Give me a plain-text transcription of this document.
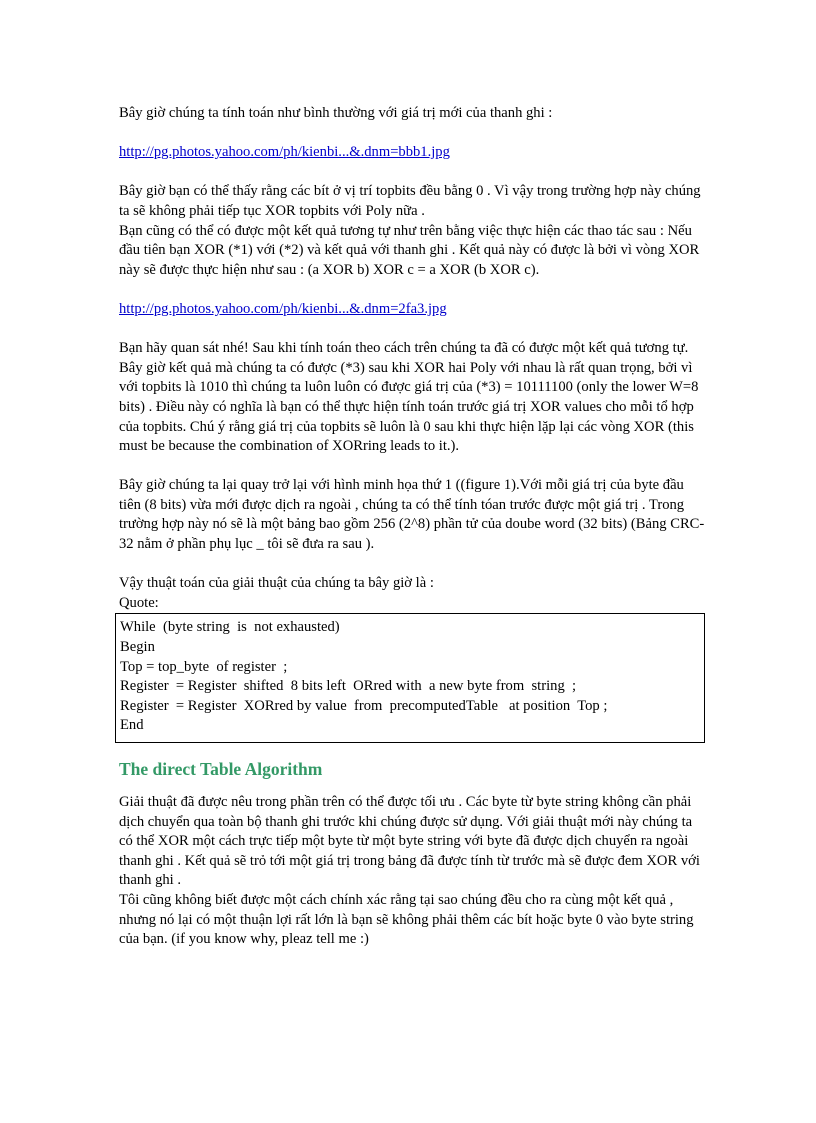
Bây giờ chúng ta tính toán như bình thường với giá trị mới của thanh ghi :

http://pg.photos.yahoo.com/ph/kienbi...&.dnm=bbb1.jpg

Bây giờ bạn có thể thấy rằng các bít ở vị trí topbits đều bằng 0 . Vì vậy trong trường hợp này chúng ta sẽ không phải tiếp tục XOR topbits với Poly nữa .

Bạn cũng có thể có được một kết quả tương tự như trên bằng việc thực hiện các thao tác sau : Nếu đầu tiên bạn XOR (*1) với (*2) và kết quả với thanh ghi . Kết quả này có được là bởi vì vòng XOR này sẽ được thực hiện như sau : (a XOR b) XOR c = a XOR (b XOR c).

http://pg.photos.yahoo.com/ph/kienbi...&.dnm=2fa3.jpg

Bạn hãy quan sát nhé! Sau khi tính toán theo cách trên chúng ta đã có được một kết quả tương tự. Bây giờ kết quả mà chúng ta có được (*3) sau khi XOR hai Poly với nhau là rất quan trọng, bởi vì với topbits là 1010 thì chúng ta luôn luôn có được giá trị của (*3) = 10111100 (only the lower W=8 bits) . Điều này có nghĩa là bạn có thể thực hiện tính toán trước giá trị XOR values cho mỗi tổ hợp của topbits. Chú ý rằng giá trị của topbits sẽ luôn là 0 sau khi thực hiện lặp lại các vòng XOR (this must be because the combination of XORring leads to it.).

Bây giờ chúng ta lại quay trở lại với hình minh họa thứ 1 ((figure 1).Với mỗi giá trị của byte đầu tiên (8 bits) vừa mới được dịch ra ngoài , chúng ta có thể tính tóan trước được một giá trị . Trong trường hợp này nó sẽ là một bảng bao gồm 256 (2^8) phần tử của doube word (32 bits) (Bảng CRC-32 nằm ở phần phụ lục _ tôi sẽ đưa ra sau ).

Vậy thuật toán của giải thuật của chúng ta bây giờ là :

Quote:

While  (byte string  is  not exhausted)

Begin

Top = top_byte  of register  ;

Register  = Register  shifted  8 bits left  ORred with  a new byte from  string  ;

Register  = Register  XORred by value  from  precomputedTable   at position  Top ;

End

The direct Table Algorithm

Giải thuật đã được nêu trong phần trên có thể được tối ưu . Các byte từ byte string không cần phải dịch chuyển qua toàn bộ thanh ghi trước khi chúng được sử dụng. Với giải thuật mới này chúng ta có thể XOR một cách trực tiếp một byte từ một byte string với byte đã được dịch chuyển ra ngoài thanh ghi . Kết quả sẽ trỏ tới một giá trị trong bảng đã được tính từ trước mà sẽ được đem XOR với thanh ghi .

Tôi cũng không biết được một cách chính xác rằng tại sao chúng đều cho ra cùng một kết quả , nhưng nó lại có một thuận lợi rất lớn là bạn sẽ không phải thêm các bít hoặc byte 0 vào byte string của bạn. (if you know why, pleaz tell me :)
